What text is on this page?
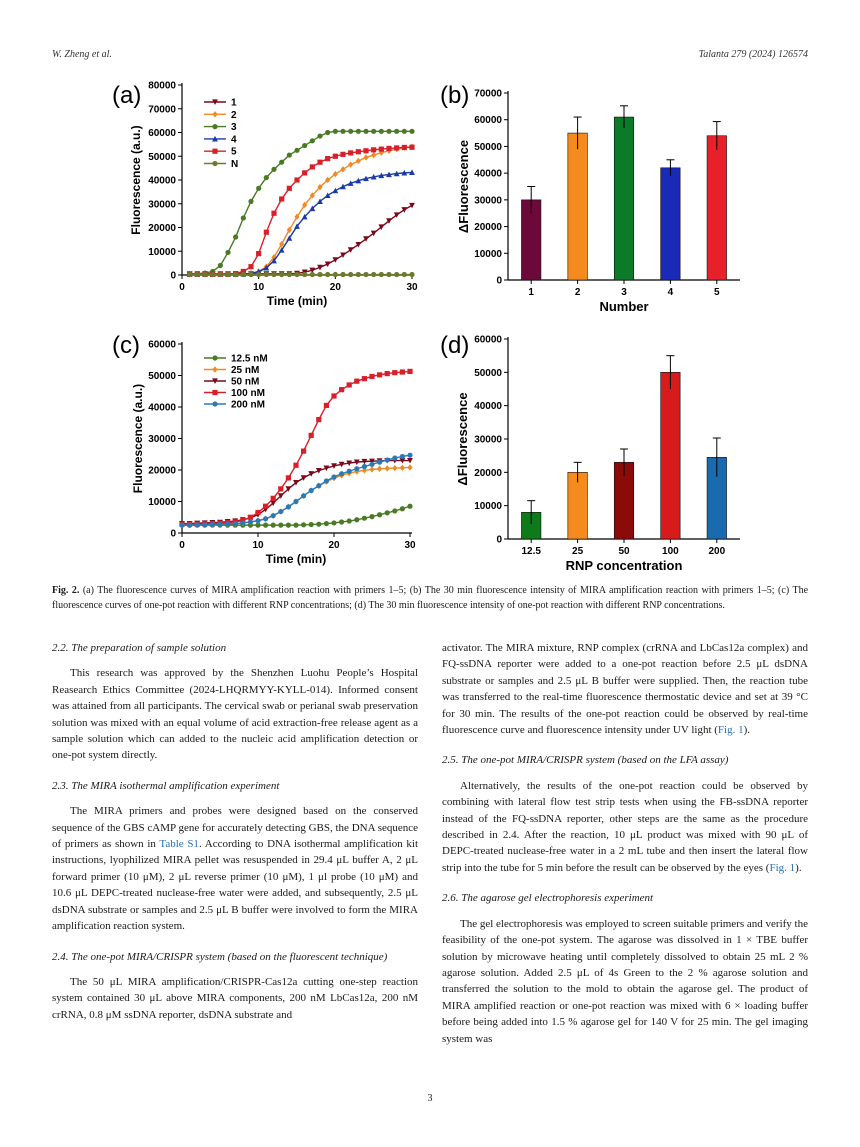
W. Zheng et al.	Talanta 279 (2024) 126574
(a)
0
10000
20000
30000
40000
50000
60000
70000
80000
0	10	20	30
Time (min)
Fluorescence (a.u.)
1
2
3
4
5
N
(b)
0
10000
20000
30000
40000
50000
60000
70000
1	2	3	4	5
Number
ΔFluorescence
(c)
0
10000
20000
30000
40000
50000
60000
0	10	20	30
Time (min)
Fluorescence (a.u.)
12.5 nM
25 nM
50 nM
100 nM
200 nM
(d)
0
10000
20000
30000
40000
50000
60000
12.5	25	50	100	200
RNP concentration
ΔFluorescence
Fig. 2. (a) The fluorescence curves of MIRA amplification reaction with primers 1–5; (b) The 30 min fluorescence intensity of MIRA amplification reaction with primers 1–5; (c) The fluorescence curves of one-pot reaction with different RNP concentrations; (d) The 30 min fluorescence intensity of one-pot reaction with different RNP concentrations.
2.2. The preparation of sample solution

This research was approved by the Shenzhen Luohu People’s Hospital Reasearch Ethics Committee (2024-LHQRMYY-KYLL-014). Informed consent was attained from all participants. The cervical swab or perianal swab preservation solution was mixed with an equal volume of acid extraction-free release agent as a sample solution which can added to the nucleic acid amplification detection or one-pot system directly.

2.3. The MIRA isothermal amplification experiment

The MIRA primers and probes were designed based on the conserved sequence of the GBS cAMP gene for accurately detecting GBS, the DNA sequence of primers as shown in Table S1. According to DNA isothermal amplification kit instructions, lyophilized MIRA pellet was resuspended in 29.4 μL buffer A, 2 μL forward primer (10 μM), 2 μL reverse primer (10 μM), 1 μl probe (10 μM) and 10.6 μL DEPC-treated nuclease-free water were added, and subsequently, 2.5 μL dsDNA substrate or samples and 2.5 μL B buffer were involved to form the MIRA amplification reaction system.

2.4. The one-pot MIRA/CRISPR system (based on the fluorescent technique)

The 50 μL MIRA amplification/CRISPR-Cas12a cutting one-step reaction system contained 30 μL above MIRA components, 200 nM LbCas12a, 200 nM crRNA, 0.8 μM ssDNA reporter, dsDNA substrate and

activator. The MIRA mixture, RNP complex (crRNA and LbCas12a complex) and FQ-ssDNA reporter were added to a one-pot reaction before 2.5 μL dsDNA substrate or samples and 2.5 μL B buffer were supplied. Then, the reaction tube was transferred to the real-time fluorescence thermostatic device and set at 39 °C for 30 min. The results of the one-pot reaction could be observed by real-time fluorescence curve and fluorescence intensity under UV light (Fig. 1).

2.5. The one-pot MIRA/CRISPR system (based on the LFA assay)

Alternatively, the results of the one-pot reaction could be observed by combining with lateral flow test strip tests when using the FB-ssDNA reporter instead of the FQ-ssDNA reporter, other steps are the same as the procedure described in 2.4. After the reaction, 10 μL product was mixed with 90 μL of DEPC-treated nuclease-free water in a 2 mL tube and then insert the lateral flow strip into the tube for 5 min before the result can be observed by the eyes (Fig. 1).

2.6. The agarose gel electrophoresis experiment

The gel electrophoresis was employed to screen suitable primers and verify the feasibility of the one-pot system. The agarose was dissolved in 1 × TBE buffer solution by microwave heating until completely dissolved to obtain 25 mL 2 % agarose solution. Added 2.5 μL of 4s Green to the 2 % agarose solution and transferred the solution to the mold to obtain the agarose gel. The product of MIRA amplified reaction or one-pot reaction was mixed with 6 × loading buffer before being added into 1.5 % agarose gel for 140 V for 25 min. The gel imaging system was

3
